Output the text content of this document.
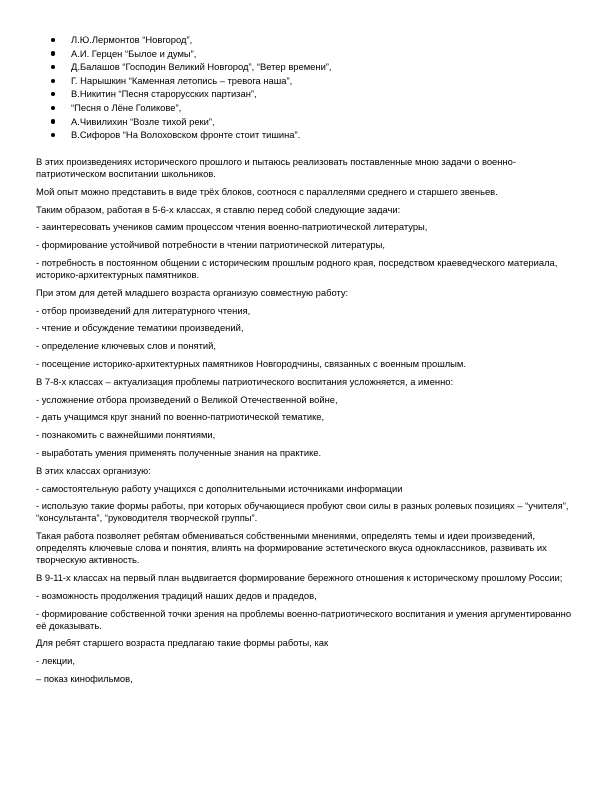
Л.Ю.Лермонтов “Новгород”,
А.И. Герцен “Былое и думы”,
Д.Балашов “Господин Великий Новгород”, “Ветер времени”,
Г. Нарышкин “Каменная летопись – тревога наша”,
В.Никитин “Песня старорусских партизан”,
“Песня о Лёне Голикове”,
А.Чивилихин “Возле тихой реки”,
В.Сифоров “На Волоховском фронте стоит тишина”.

В этих произведениях исторического прошлого и пытаюсь реализовать поставленные мною задачи о военно-патриотическом воспитании школьников.

Мой опыт можно представить в виде трёх блоков, соотнося с параллелями среднего и старшего звеньев.

Таким образом, работая в 5-6-х классах, я ставлю перед собой следующие задачи:

- заинтересовать учеников самим процессом чтения военно-патриотической литературы,

- формирование устойчивой потребности в чтении патриотической литературы,

- потребность в постоянном общении с историческим прошлым родного края, посредством краеведческого материала, историко-архитектурных памятников.

При этом для детей младшего возраста организую совместную работу:

- отбор произведений для литературного чтения,

- чтение и обсуждение тематики произведений,

- определение ключевых слов и понятий,

- посещение историко-архитектурных памятников Новгородчины, связанных с военным прошлым.

В 7-8-х классах – актуализация проблемы патриотического воспитания усложняется, а именно:

- усложнение отбора произведений о Великой Отечественной войне,

- дать учащимся круг знаний по военно-патриотической тематике,

- познакомить с важнейшими понятиями,

- выработать умения применять полученные знания на практике.

В этих классах организую:

- самостоятельную работу учащихся с дополнительными источниками информации

- использую такие формы работы, при которых обучающиеся пробуют свои силы в разных ролевых позициях – “учителя”, “консультанта”, “руководителя творческой группы”.

Такая работа позволяет ребятам обмениваться собственными мнениями, определять темы и идеи произведений, определять ключевые слова и понятия, влиять на формирование эстетического вкуса одноклассников, развивать их творческую активность.

В 9-11-х классах на первый план выдвигается формирование бережного отношения к историческому прошлому России;

- возможность продолжения традиций наших дедов и прадедов,

- формирование собственной точки зрения на проблемы военно-патриотического воспитания и умения аргументированно её доказывать.

Для ребят старшего возраста предлагаю такие формы работы, как

- лекции,

– показ кинофильмов,
